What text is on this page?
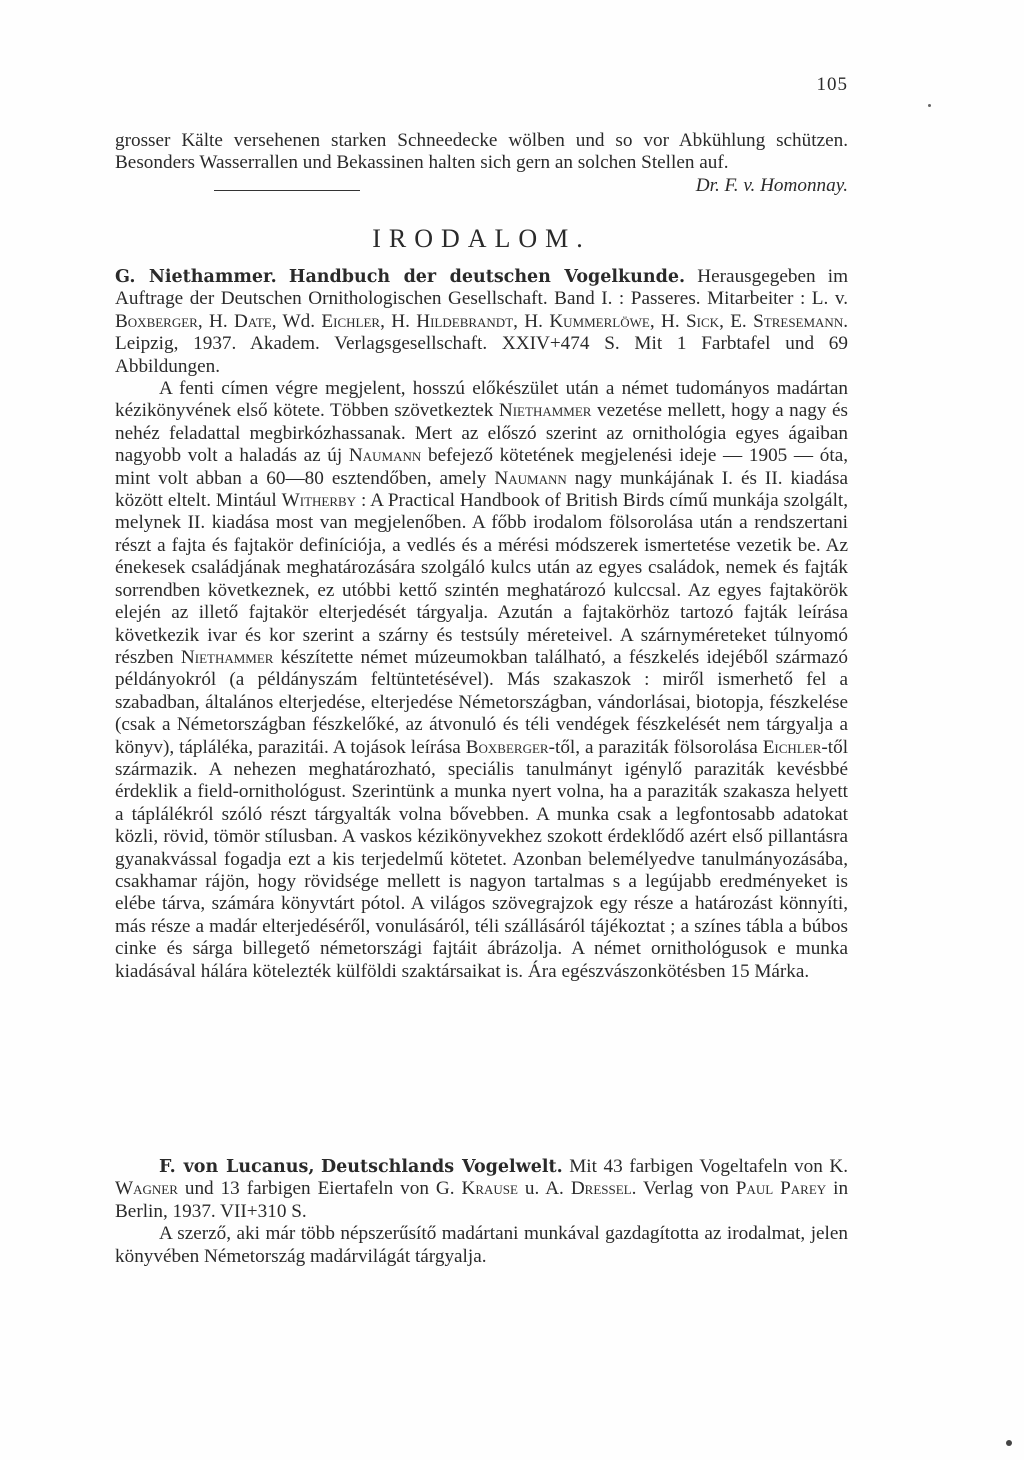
105

grosser Kälte versehenen starken Schneedecke wölben und so vor Abkühlung schützen. Besonders Wasserrallen und Bekassinen halten sich gern an solchen Stellen auf.

Dr. F. v. Homonnay.
IRODALOM.

G. Niethammer. Handbuch der deutschen Vogelkunde. Herausgegeben im Auftrage der Deutschen Ornithologischen Gesellschaft. Band I. : Passeres. Mitarbeiter : L. v. Boxberger, H. Date, Wd. Eichler, H. Hildebrandt, H. Kummerlöwe, H. Sick, E. Stresemann. Leipzig, 1937. Akadem. Verlagsgesellschaft. XXIV+474 S. Mit 1 Farbtafel und 69 Abbildungen.

A fenti címen végre megjelent, hosszú előkészület után a német tudományos madártan kézikönyvének első kötete. Többen szövetkeztek Niethammer vezetése mellett, hogy a nagy és nehéz feladattal megbirkózhassanak. Mert az előszó szerint az ornithológia egyes ágaiban nagyobb volt a haladás az új Naumann befejező kötetének megjelenési ideje — 1905 — óta, mint volt abban a 60—80 esztendőben, amely Naumann nagy munkájának I. és II. kiadása között eltelt. Mintául Witherby : A Practical Handbook of British Birds című munkája szolgált, melynek II. kiadása most van megjelenőben. A főbb irodalom fölsorolása után a rendszertani részt a fajta és fajtakör definíciója, a vedlés és a mérési módszerek ismertetése vezetik be. Az énekesek családjának meghatározására szolgáló kulcs után az egyes családok, nemek és fajták sorrendben következnek, ez utóbbi kettő szintén meghatározó kulccsal. Az egyes fajtakörök elején az illető fajtakör elterjedését tárgyalja. Azután a fajtakörhöz tartozó fajták leírása következik ivar és kor szerint a szárny és testsúly méreteivel. A szárnyméreteket túlnyomó részben Niethammer készítette német múzeumokban található, a fészkelés idejéből származó példányokról (a példányszám feltüntetésével). Más szakaszok : miről ismerhető fel a szabadban, általános elterjedése, elterjedése Németországban, vándorlásai, biotopja, fészkelése (csak a Németországban fészkelőké, az átvonuló és téli vendégek fészkelését nem tárgyalja a könyv), tápláléka, parazitái. A tojások leírása Boxberger-től, a paraziták fölsorolása Eichler-től származik. A nehezen meghatározható, speciális tanulmányt igénylő paraziták kevésbbé érdeklik a field-ornithológust. Szerintünk a munka nyert volna, ha a paraziták szakasza helyett a táplálékról szóló részt tárgyalták volna bővebben. A munka csak a legfontosabb adatokat közli, rövid, tömör stílusban. A vaskos kézikönyvekhez szokott érdeklődő azért első pillantásra gyanakvással fogadja ezt a kis terjedelmű kötetet. Azonban belemélyedve tanulmányozásába, csakhamar rájön, hogy rövidsége mellett is nagyon tartalmas s a legújabb eredményeket is elébe tárva, számára könyvtárt pótol. A világos szövegrajzok egy része a határozást könnyíti, más része a madár elterjedéséről, vonulásáról, téli szállásáról tájékoztat ; a színes tábla a búbos cinke és sárga billegető németországi fajtáit ábrázolja. A német ornithológusok e munka kiadásával hálára kötelezték külföldi szaktársaikat is. Ára egészvászonkötésben 15 Márka.

F. von Lucanus, Deutschlands Vogelwelt. Mit 43 farbigen Vogeltafeln von K. Wagner und 13 farbigen Eiertafeln von G. Krause u. A. Dressel. Verlag von Paul Parey in Berlin, 1937. VII+310 S.

A szerző, aki már több népszerűsítő madártani munkával gazdagította az irodalmat, jelen könyvében Németország madárvilágát tárgyalja.
